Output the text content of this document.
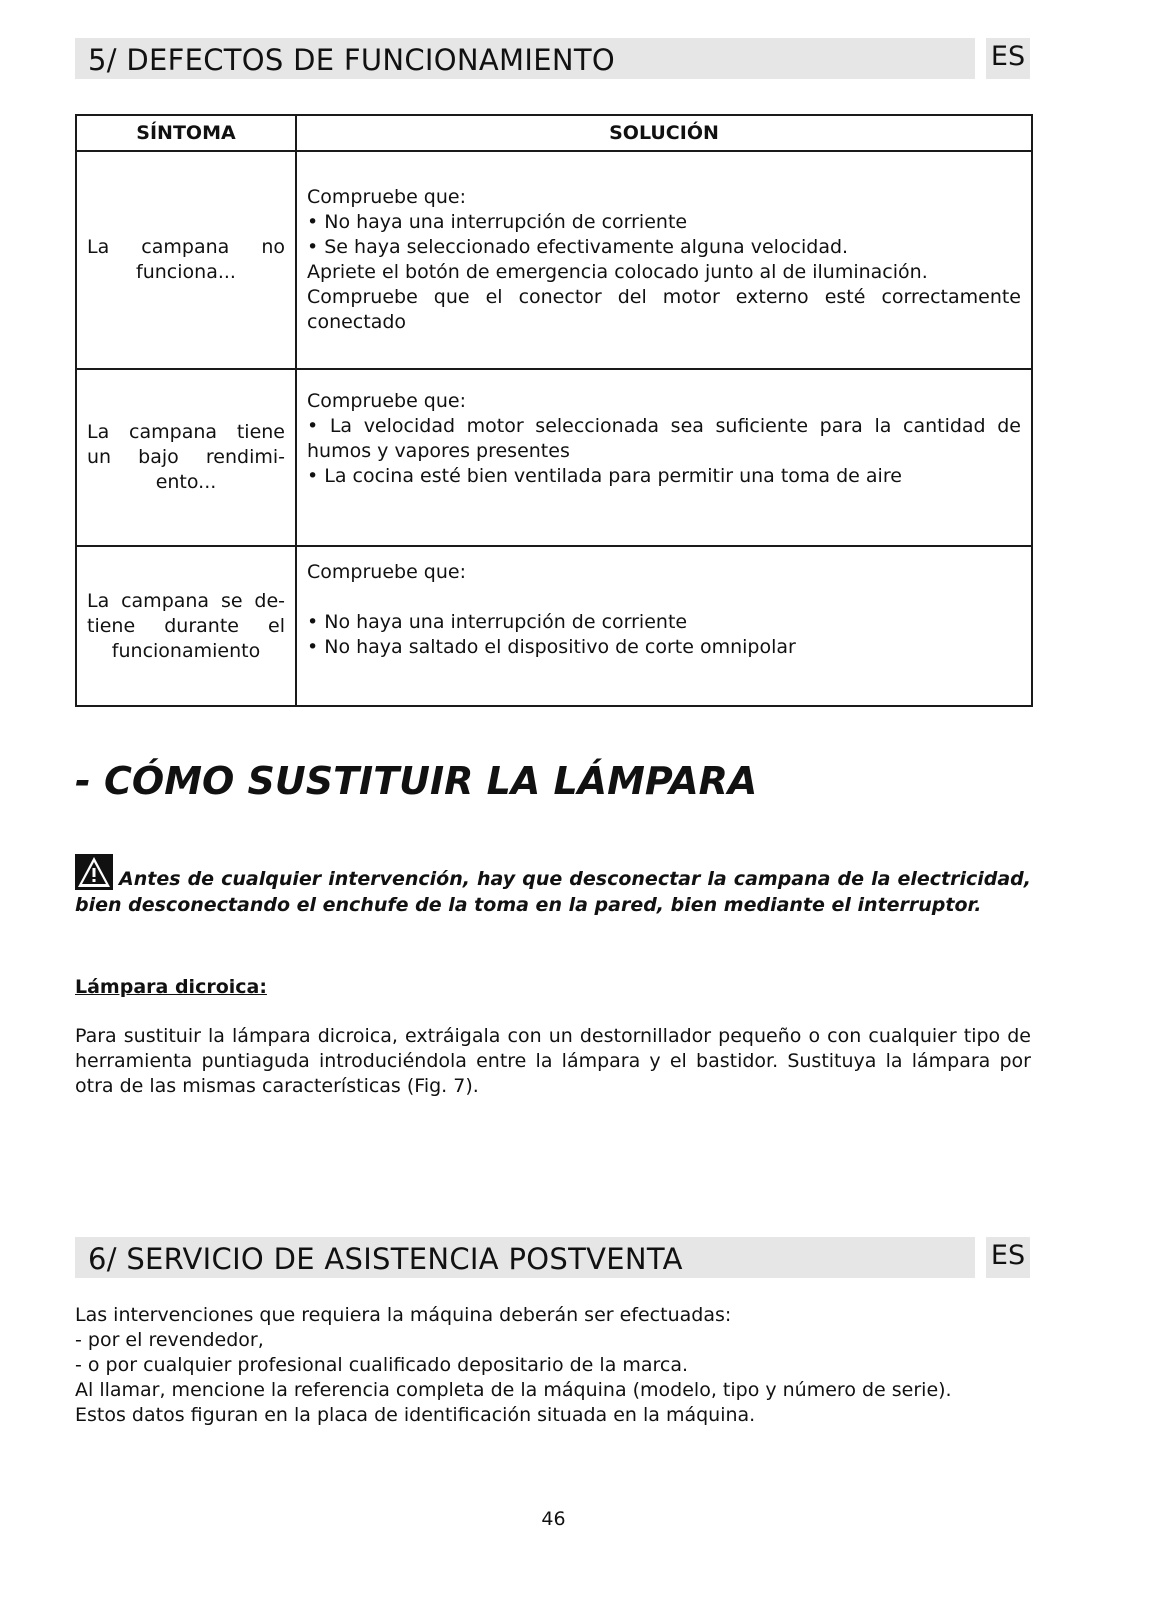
5/ DEFECTOS DE FUNCIONAMIENTO	ES
SÍNTOMA	SOLUCIÓN
La campana no funciona...	Compruebe que:
• No haya una interrupción de corriente
• Se haya seleccionado efectivamente alguna velocidad.
Apriete el botón de emergencia colocado junto al de iluminación.
Compruebe que el conector del motor externo esté correctamente conectado

La campana tiene un bajo rendimi-ento...	Compruebe que:
• La velocidad motor seleccionada sea suficiente para la cantidad de humos y vapores presentes
• La cocina esté bien ventilada para permitir una toma de aire

La campana se de-tiene durante el funcionamiento	Compruebe que:
• No haya una interrupción de corriente
• No haya saltado el dispositivo de corte omnipolar
- CÓMO SUSTITUIR LA LÁMPARA
Antes de cualquier intervención, hay que desconectar la campana de la electricidad, bien desconectando el enchufe de la toma en la pared, bien mediante el interruptor.
Lámpara dicroica:
Para sustituir la lámpara dicroica, extráigala con un destornillador pequeño o con cualquier tipo de herramienta puntiaguda introduciéndola entre la lámpara y el bastidor. Sustituya la lámpara por otra de las mismas características (Fig. 7).
6/ SERVICIO DE ASISTENCIA POSTVENTA	ES
Las intervenciones que requiera la máquina deberán ser efectuadas:
- por el revendedor,
- o por cualquier profesional cualificado depositario de la marca.
Al llamar, mencione la referencia completa de la máquina (modelo, tipo y número de serie).
Estos datos figuran en la placa de identificación situada en la máquina.
46
